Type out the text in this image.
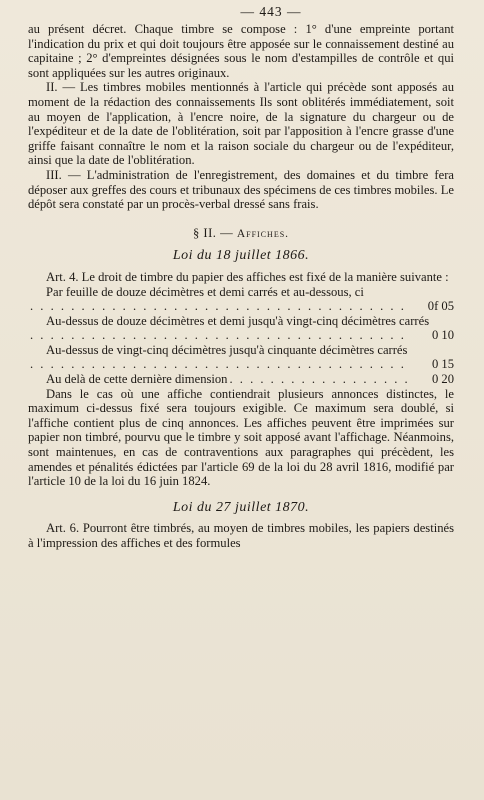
— 443 —

au présent décret. Chaque timbre se compose : 1° d'une empreinte portant l'indication du prix et qui doit toujours être apposée sur le connaissement destiné au capitaine ; 2° d'empreintes désignées sous le nom d'estampilles de contrôle et qui sont appliquées sur les autres originaux.

II. — Les timbres mobiles mentionnés à l'article qui précède sont apposés au moment de la rédaction des connaissements Ils sont oblitérés immédiatement, soit au moyen de l'application, à l'encre noire, de la signature du chargeur ou de l'expéditeur et de la date de l'oblitération, soit par l'apposition à l'encre grasse d'une griffe faisant connaître le nom et la raison sociale du chargeur ou de l'expéditeur, ainsi que la date de l'oblitération.

III. — L'administration de l'enregistrement, des domaines et du timbre fera déposer aux greffes des cours et tribunaux des spécimens de ces timbres mobiles. Le dépôt sera constaté par un procès-verbal dressé sans frais.

§ II. — Affiches.
Loi du 18 juillet 1866.

Art. 4. Le droit de timbre du papier des affiches est fixé de la manière suivante :

Par feuille de douze décimètres et demi carrés et au-dessous, ci

. . .
0f 05

Au-dessus de douze décimètres et demi jusqu'à vingt-cinq décimètres carrés

. . .
0 10

Au-dessus de vingt-cinq décimètres jusqu'à cinquante décimètres carrés

. . .
0 15
Au delà de cette dernière dimension
. . .	0 20

Dans le cas où une affiche contiendrait plusieurs annonces distinctes, le maximum ci-dessus fixé sera toujours exigible. Ce maximum sera doublé, si l'affiche contient plus de cinq annonces. Les affiches peuvent être imprimées sur papier non timbré, pourvu que le timbre y soit apposé avant l'affichage. Néanmoins, sont maintenues, en cas de contraventions aux paragraphes qui précèdent, les amendes et pénalités édictées par l'article 69 de la loi du 28 avril 1816, modifié par l'article 10 de la loi du 16 juin 1824.

Loi du 27 juillet 1870.

Art. 6. Pourront être timbrés, au moyen de timbres mobiles, les papiers destinés à l'impression des affiches et des formules
